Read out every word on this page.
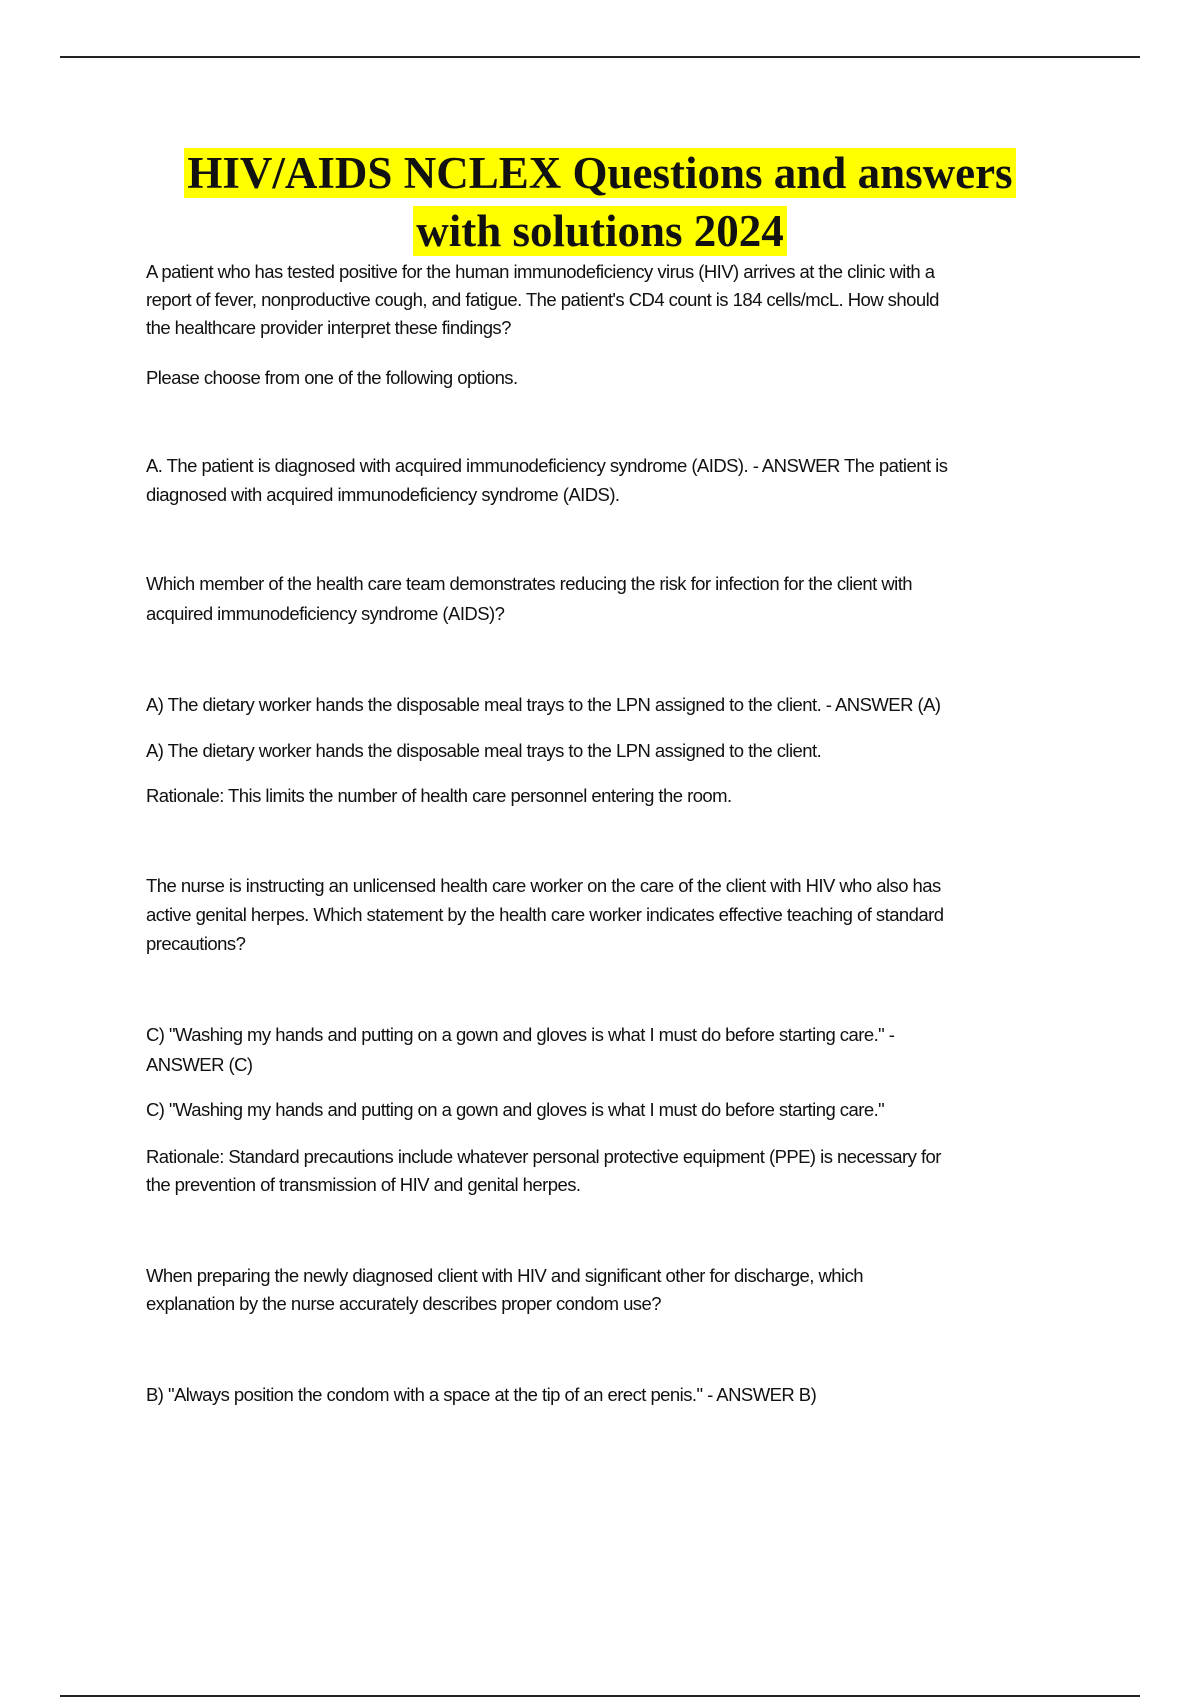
HIV/AIDS NCLEX Questions and answers
with solutions 2024
A patient who has tested positive for the human immunodeficiency virus (HIV) arrives at the clinic with a
report of fever, nonproductive cough, and fatigue. The patient's CD4 count is 184 cells/mcL. How should
the healthcare provider interpret these findings?
Please choose from one of the following options.
A. The patient is diagnosed with acquired immunodeficiency syndrome (AIDS). - ANSWER The patient is
diagnosed with acquired immunodeficiency syndrome (AIDS).
Which member of the health care team demonstrates reducing the risk for infection for the client with
acquired immunodeficiency syndrome (AIDS)?
A) The dietary worker hands the disposable meal trays to the LPN assigned to the client. - ANSWER (A)
A) The dietary worker hands the disposable meal trays to the LPN assigned to the client.
Rationale: This limits the number of health care personnel entering the room.
The nurse is instructing an unlicensed health care worker on the care of the client with HIV who also has
active genital herpes. Which statement by the health care worker indicates effective teaching of standard
precautions?
C) "Washing my hands and putting on a gown and gloves is what I must do before starting care." -
ANSWER (C)
C) "Washing my hands and putting on a gown and gloves is what I must do before starting care."
Rationale: Standard precautions include whatever personal protective equipment (PPE) is necessary for
the prevention of transmission of HIV and genital herpes.
When preparing the newly diagnosed client with HIV and significant other for discharge, which
explanation by the nurse accurately describes proper condom use?
B) "Always position the condom with a space at the tip of an erect penis." - ANSWER B)
